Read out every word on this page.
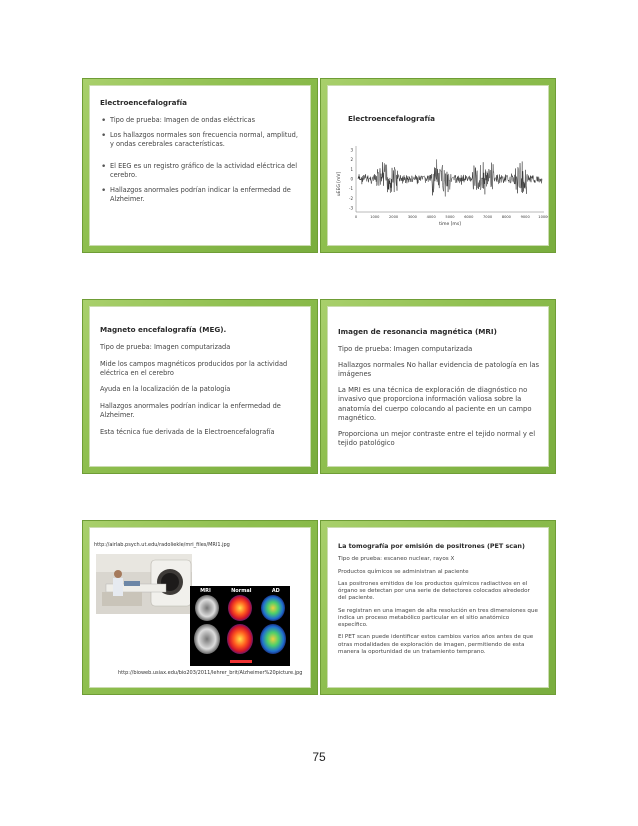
Electroencefalografía
• Tipo de prueba: Imagen de ondas eléctricas
• Los hallazgos normales son frecuencia normal, amplitud, y ondas cerebrales características.
• El EEG es un registro gráfico de la actividad eléctrica del cerebro.
• Hallazgos anormales podrían indicar la enfermedad de Alzheimer.
Electroencefalografía
uEEG [mV]
3
2
1
0
-1
-2
-3
0	1000	2000	3000	4000	5000	6000	7000	8000	9000 10000
time [ms]
Magneto encefalografía (MEG).

Tipo de prueba: Imagen computarizada

Mide los campos magnéticos producidos por la actividad eléctrica en el cerebro

Ayuda en la localización de la patología

Hallazgos anormales podrían indicar la enfermedad de Alzheimer.

Esta técnica fue derivada de la Electroencefalografía

Imagen de resonancia magnética (MRI)

Tipo de prueba: Imagen computarizada

Hallazgos normales No hallar evidencia de patología en las imágenes

La MRI es una técnica de exploración de diagnóstico no invasivo que proporciona información valiosa sobre la anatomía del cuerpo colocando al paciente en un campo magnético.

Proporciona un mejor contraste entre el tejido normal y el tejido patológico

http://airlab.psych.ut.edu/radoliekle/mri_files/MRI1.jpg
MRI	Normal	AD
http://bioweb.usiax.edu/bio203/2011/lehrer_brit/Alzheimer%20picture.jpg
La tomografía por emisión de positrones (PET scan)

Tipo de prueba: escaneo nuclear, rayos X

Productos químicos se administran al paciente

Las positrones emitidos de los productos químicos radiactivos en el órgano se detectan por una serie de detectores colocados alrededor del paciente.

Se registran en una imagen de alta resolución en tres dimensiones que indica un proceso metabólico particular en el sitio anatómico específico.

El PET scan puede identificar estos cambios varios años antes de que otras modalidades de exploración de imagen, permitiendo de esta manera la oportunidad de un tratamiento temprano.

75
